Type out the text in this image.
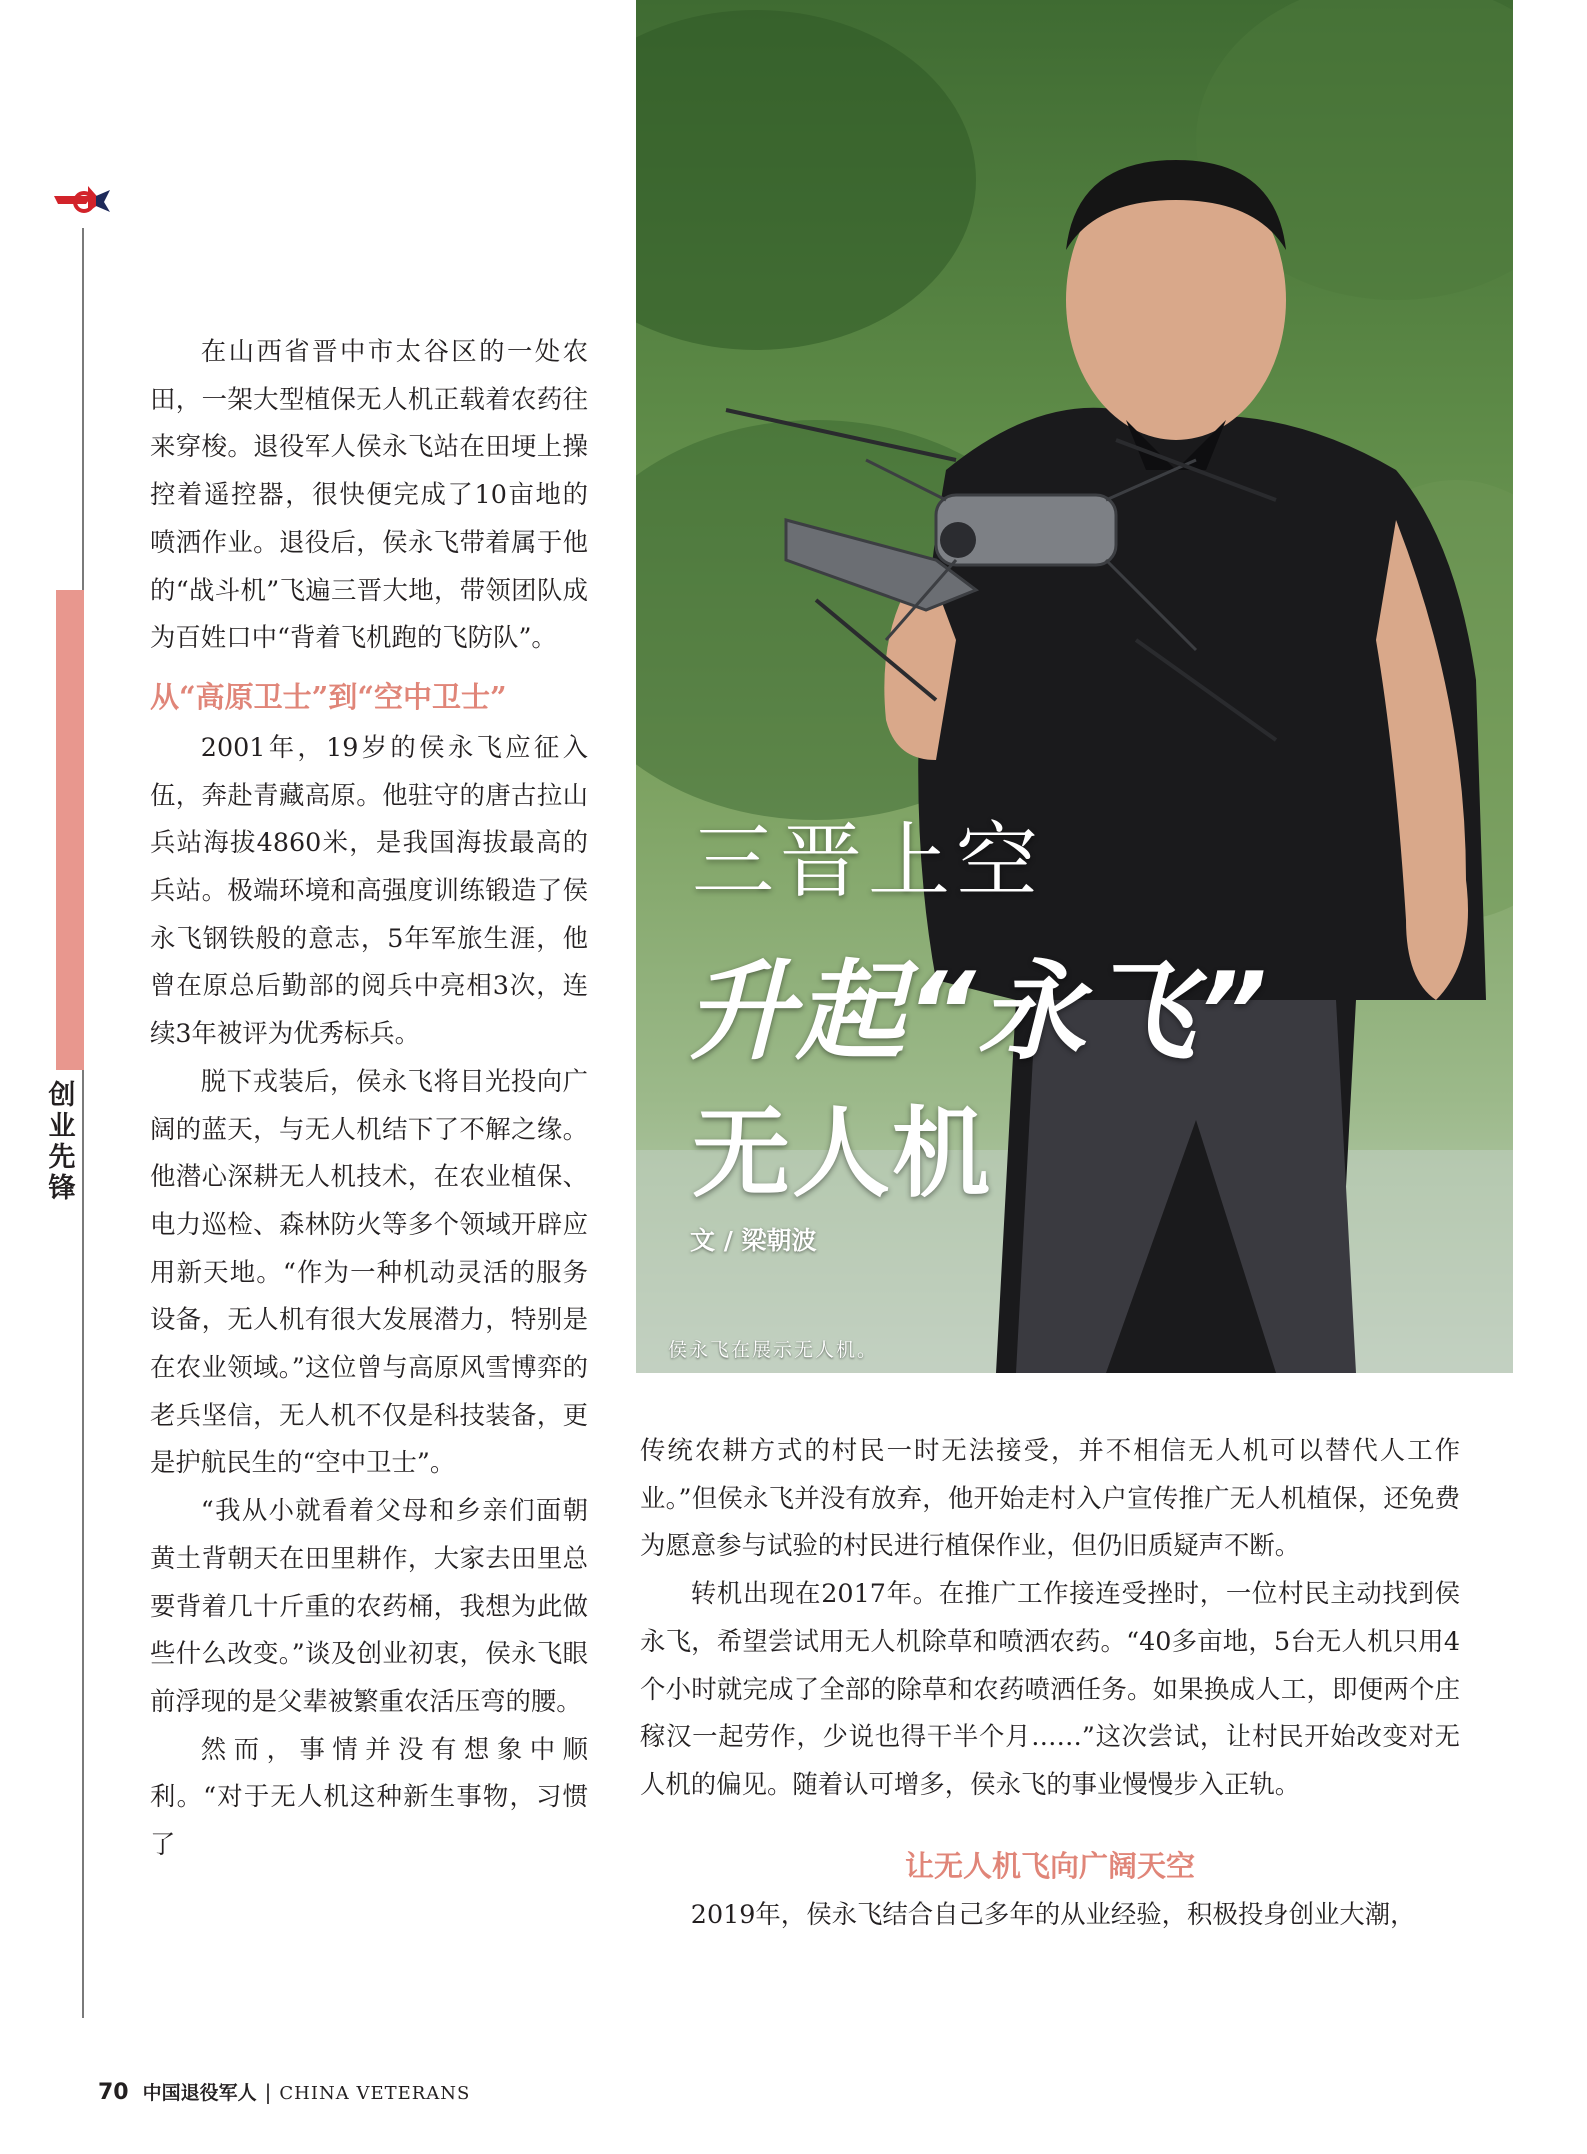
创业先锋

在山西省晋中市太谷区的一处农田，一架大型植保无人机正载着农药往来穿梭。退役军人侯永飞站在田埂上操控着遥控器，很快便完成了10亩地的喷洒作业。退役后，侯永飞带着属于他的“战斗机”飞遍三晋大地，带领团队成为百姓口中“背着飞机跑的飞防队”。

从“高原卫士”到“空中卫士”

2001年，19岁的侯永飞应征入伍，奔赴青藏高原。他驻守的唐古拉山兵站海拔4860米，是我国海拔最高的兵站。极端环境和高强度训练锻造了侯永飞钢铁般的意志，5年军旅生涯，他曾在原总后勤部的阅兵中亮相3次，连续3年被评为优秀标兵。

脱下戎装后，侯永飞将目光投向广阔的蓝天，与无人机结下了不解之缘。他潜心深耕无人机技术，在农业植保、电力巡检、森林防火等多个领域开辟应用新天地。“作为一种机动灵活的服务设备，无人机有很大发展潜力，特别是在农业领域。”这位曾与高原风雪博弈的老兵坚信，无人机不仅是科技装备，更是护航民生的“空中卫士”。

“我从小就看着父母和乡亲们面朝黄土背朝天在田里耕作，大家去田里总要背着几十斤重的农药桶，我想为此做些什么改变。”谈及创业初衷，侯永飞眼前浮现的是父辈被繁重农活压弯的腰。

然而，事情并没有想象中顺利。“对于无人机这种新生事物，习惯了

三晋上空
升起“永飞”
无人机
文 / 梁朝波
侯永飞在展示无人机。

传统农耕方式的村民一时无法接受，并不相信无人机可以替代人工作业。”但侯永飞并没有放弃，他开始走村入户宣传推广无人机植保，还免费为愿意参与试验的村民进行植保作业，但仍旧质疑声不断。

转机出现在2017年。在推广工作接连受挫时，一位村民主动找到侯永飞，希望尝试用无人机除草和喷洒农药。“40多亩地，5台无人机只用4个小时就完成了全部的除草和农药喷洒任务。如果换成人工，即便两个庄稼汉一起劳作，少说也得干半个月……”这次尝试，让村民开始改变对无人机的偏见。随着认可增多，侯永飞的事业慢慢步入正轨。

让无人机飞向广阔天空

2019年，侯永飞结合自己多年的从业经验，积极投身创业大潮，

70 中国退役军人 | CHINA VETERANS
